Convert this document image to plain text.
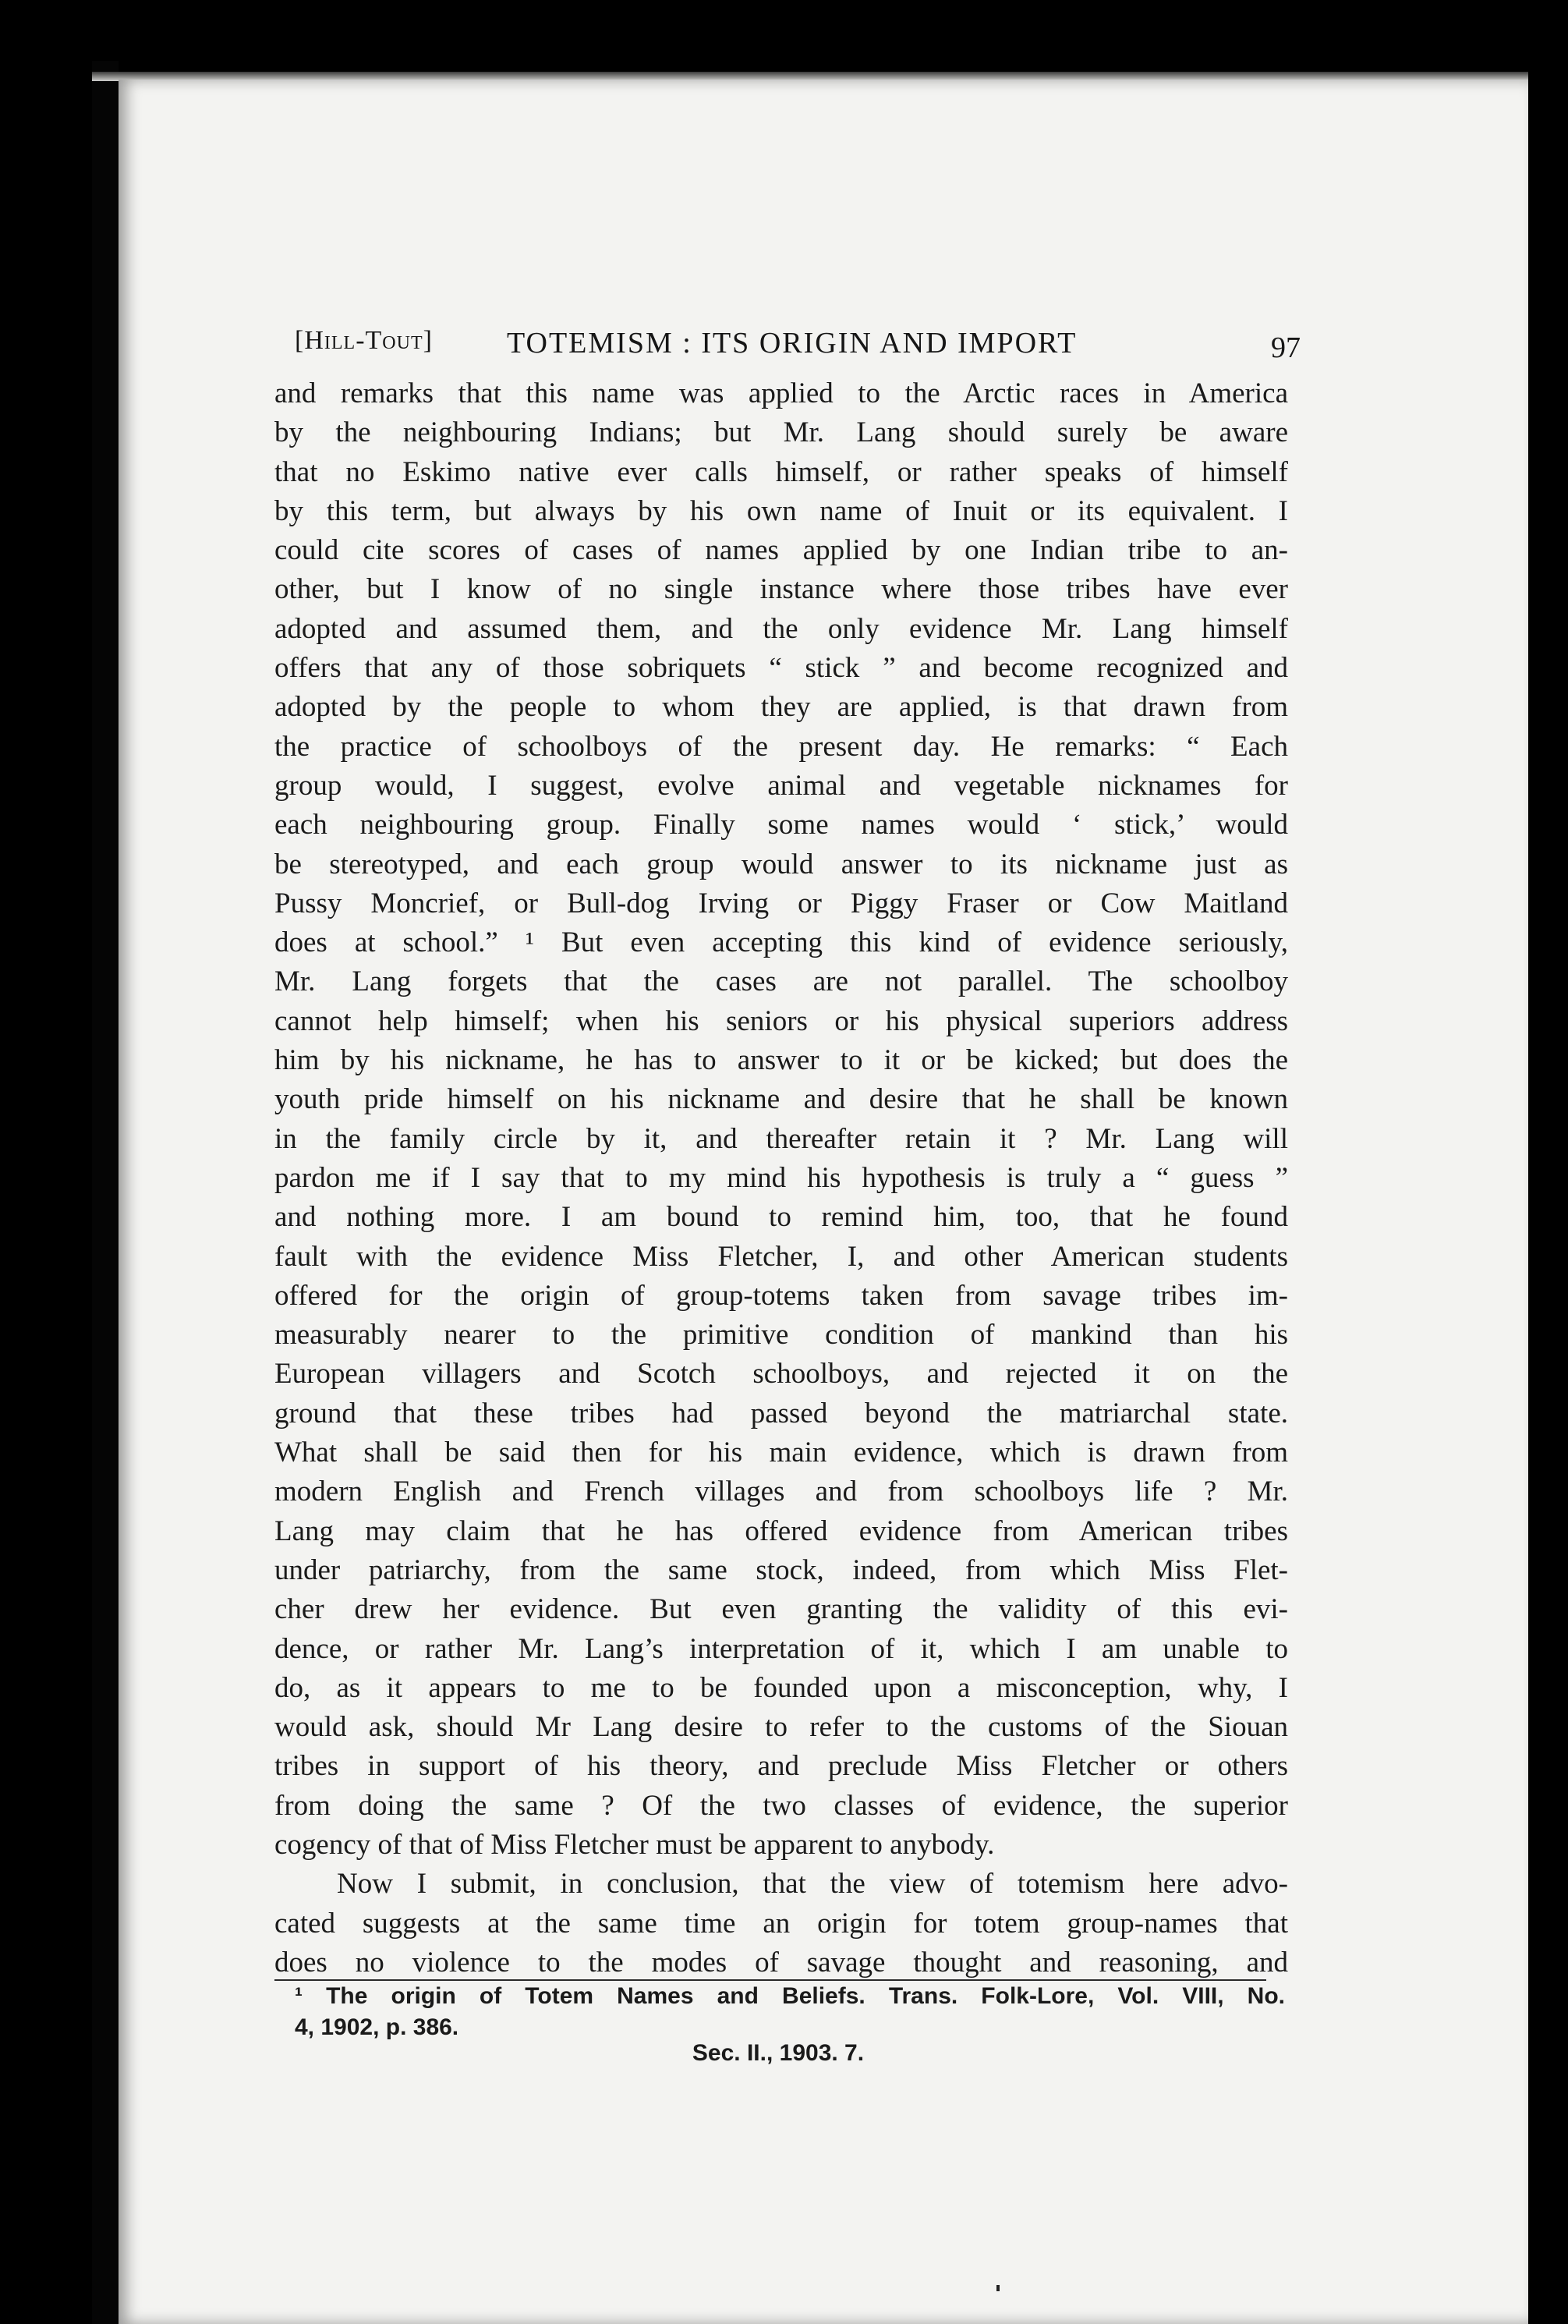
[Hill-Tout]	TOTEMISM : ITS ORIGIN AND IMPORT	97
and remarks that this name was applied to the Arctic races in America
by the neighbouring Indians; but Mr. Lang should surely be aware
that no Eskimo native ever calls himself, or rather speaks of himself
by this term, but always by his own name of Inuit or its equivalent. I
could cite scores of cases of names applied by one Indian tribe to an-
other, but I know of no single instance where those tribes have ever
adopted and assumed them, and the only evidence Mr. Lang himself
offers that any of those sobriquets “ stick ” and become recognized and
adopted by the people to whom they are applied, is that drawn from
the practice of schoolboys of the present day. He remarks: “ Each
group would, I suggest, evolve animal and vegetable nicknames for
each neighbouring group. Finally some names would ‘ stick,’ would
be stereotyped, and each group would answer to its nickname just as
Pussy Moncrief, or Bull-dog Irving or Piggy Fraser or Cow Maitland
does at school.” ¹ But even accepting this kind of evidence seriously,
Mr. Lang forgets that the cases are not parallel. The schoolboy
cannot help himself; when his seniors or his physical superiors address
him by his nickname, he has to answer to it or be kicked; but does the
youth pride himself on his nickname and desire that he shall be known
in the family circle by it, and thereafter retain it ? Mr. Lang will
pardon me if I say that to my mind his hypothesis is truly a “ guess ”
and nothing more. I am bound to remind him, too, that he found
fault with the evidence Miss Fletcher, I, and other American students
offered for the origin of group-totems taken from savage tribes im-
measurably nearer to the primitive condition of mankind than his
European villagers and Scotch schoolboys, and rejected it on the
ground that these tribes had passed beyond the matriarchal state.
What shall be said then for his main evidence, which is drawn from
modern English and French villages and from schoolboys life ? Mr.
Lang may claim that he has offered evidence from American tribes
under patriarchy, from the same stock, indeed, from which Miss Flet-
cher drew her evidence. But even granting the validity of this evi-
dence, or rather Mr. Lang’s interpretation of it, which I am unable to
do, as it appears to me to be founded upon a misconception, why, I
would ask, should Mr Lang desire to refer to the customs of the Siouan
tribes in support of his theory, and preclude Miss Fletcher or others
from doing the same ? Of the two classes of evidence, the superior
cogency of that of Miss Fletcher must be apparent to anybody.
Now I submit, in conclusion, that the view of totemism here advo-
cated suggests at the same time an origin for totem group-names that
does no violence to the modes of savage thought and reasoning, and
¹ The origin of Totem Names and Beliefs. Trans. Folk-Lore, Vol. VIII, No.
4, 1902, p. 386.
Sec. II., 1903. 7.
